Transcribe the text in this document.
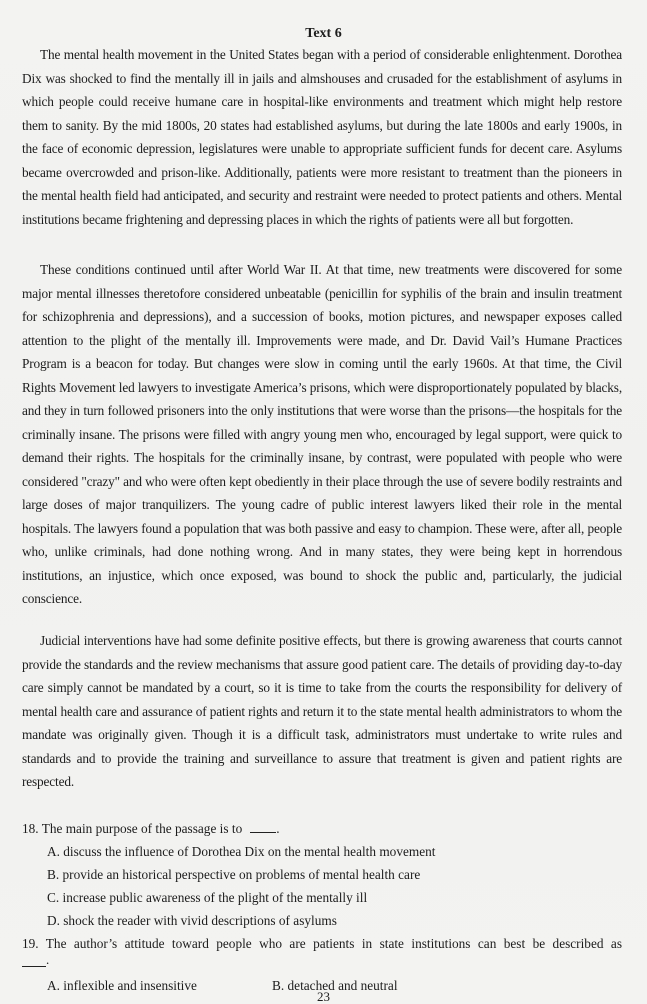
Text 6
The mental health movement in the United States began with a period of considerable enlightenment. Dorothea Dix was shocked to find the mentally ill in jails and almshouses and crusaded for the establishment of asylums in which people could receive humane care in hospital-like environments and treatment which might help restore them to sanity. By the mid 1800s, 20 states had established asylums, but during the late 1800s and early 1900s, in the face of economic depression, legislatures were unable to appropriate sufficient funds for decent care. Asylums became overcrowded and prison-like. Additionally, patients were more resistant to treatment than the pioneers in the mental health field had anticipated, and security and restraint were needed to protect patients and others. Mental institutions became frightening and depressing places in which the rights of patients were all but forgotten.
These conditions continued until after World War II. At that time, new treatments were discovered for some major mental illnesses theretofore considered unbeatable (penicillin for syphilis of the brain and insulin treatment for schizophrenia and depressions), and a succession of books, motion pictures, and newspaper exposes called attention to the plight of the mentally ill. Improvements were made, and Dr. David Vail’s Humane Practices Program is a beacon for today. But changes were slow in coming until the early 1960s. At that time, the Civil Rights Movement led lawyers to investigate America’s prisons, which were disproportionately populated by blacks, and they in turn followed prisoners into the only institutions that were worse than the prisons—the hospitals for the criminally insane. The prisons were filled with angry young men who, encouraged by legal support, were quick to demand their rights. The hospitals for the criminally insane, by contrast, were populated with people who were considered "crazy" and who were often kept obediently in their place through the use of severe bodily restraints and large doses of major tranquilizers. The young cadre of public interest lawyers liked their role in the mental hospitals. The lawyers found a population that was both passive and easy to champion. These were, after all, people who, unlike criminals, had done nothing wrong. And in many states, they were being kept in horrendous institutions, an injustice, which once exposed, was bound to shock the public and, particularly, the judicial conscience.
Judicial interventions have had some definite positive effects, but there is growing awareness that courts cannot provide the standards and the review mechanisms that assure good patient care. The details of providing day-to-day care simply cannot be mandated by a court, so it is time to take from the courts the responsibility for delivery of mental health care and assurance of patient rights and return it to the state mental health administrators to whom the mandate was originally given. Though it is a difficult task, administrators must undertake to write rules and standards and to provide the training and surveillance to assure that treatment is given and patient rights are respected.
18. The main purpose of the passage is to	.
A. discuss the influence of Dorothea Dix on the mental health movement
B. provide an historical perspective on problems of mental health care
C. increase public awareness of the plight of the mentally ill
D. shock the reader with vivid descriptions of asylums
19. The author’s attitude toward people who are patients in state institutions can best be described as
.
A. inflexible and insensitive	B. detached and neutral
23
